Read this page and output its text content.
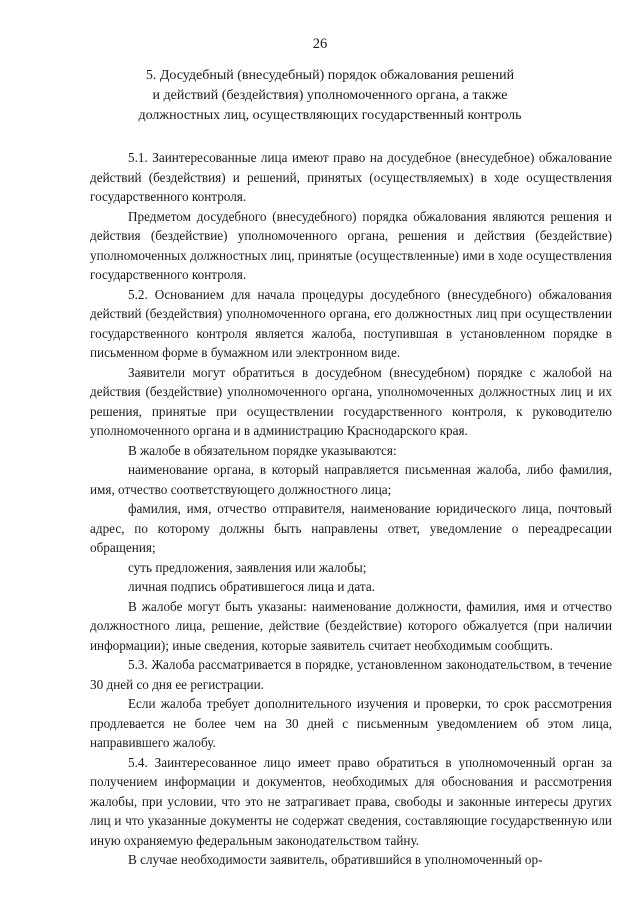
26
5. Досудебный (внесудебный) порядок обжалования решений
и действий (бездействия) уполномоченного органа, а также
должностных лиц, осуществляющих государственный контроль

5.1. Заинтересованные лица имеют право на досудебное (внесудебное) обжалование действий (бездействия) и решений, принятых (осуществляемых) в ходе осуществления государственного контроля.

Предметом досудебного (внесудебного) порядка обжалования являются решения и действия (бездействие) уполномоченного органа, решения и действия (бездействие) уполномоченных должностных лиц, принятые (осуществленные) ими в ходе осуществления государственного контроля.

5.2. Основанием для начала процедуры досудебного (внесудебного) обжалования действий (бездействия) уполномоченного органа, его должностных лиц при осуществлении государственного контроля является жалоба, поступившая в установленном порядке в письменном форме в бумажном или электронном виде.

Заявители могут обратиться в досудебном (внесудебном) порядке с жалобой на действия (бездействие) уполномоченного органа, уполномоченных должностных лиц и их решения, принятые при осуществлении государственного контроля, к руководителю уполномоченного органа и в администрацию Краснодарского края.

В жалобе в обязательном порядке указываются:

наименование органа, в который направляется письменная жалоба, либо фамилия, имя, отчество соответствующего должностного лица;

фамилия, имя, отчество отправителя, наименование юридического лица, почтовый адрес, по которому должны быть направлены ответ, уведомление о переадресации обращения;

суть предложения, заявления или жалобы;

личная подпись обратившегося лица и дата.

В жалобе могут быть указаны: наименование должности, фамилия, имя и отчество должностного лица, решение, действие (бездействие) которого обжалуется (при наличии информации); иные сведения, которые заявитель считает необходимым сообщить.

5.3. Жалоба рассматривается в порядке, установленном законодательством, в течение 30 дней со дня ее регистрации.

Если жалоба требует дополнительного изучения и проверки, то срок рассмотрения продлевается не более чем на 30 дней с письменным уведомлением об этом лица, направившего жалобу.

5.4. Заинтересованное лицо имеет право обратиться в уполномоченный орган за получением информации и документов, необходимых для обоснования и рассмотрения жалобы, при условии, что это не затрагивает права, свободы и законные интересы других лиц и что указанные документы не содержат сведения, составляющие государственную или иную охраняемую федеральным законодательством тайну.

В случае необходимости заявитель, обратившийся в уполномоченный ор-
